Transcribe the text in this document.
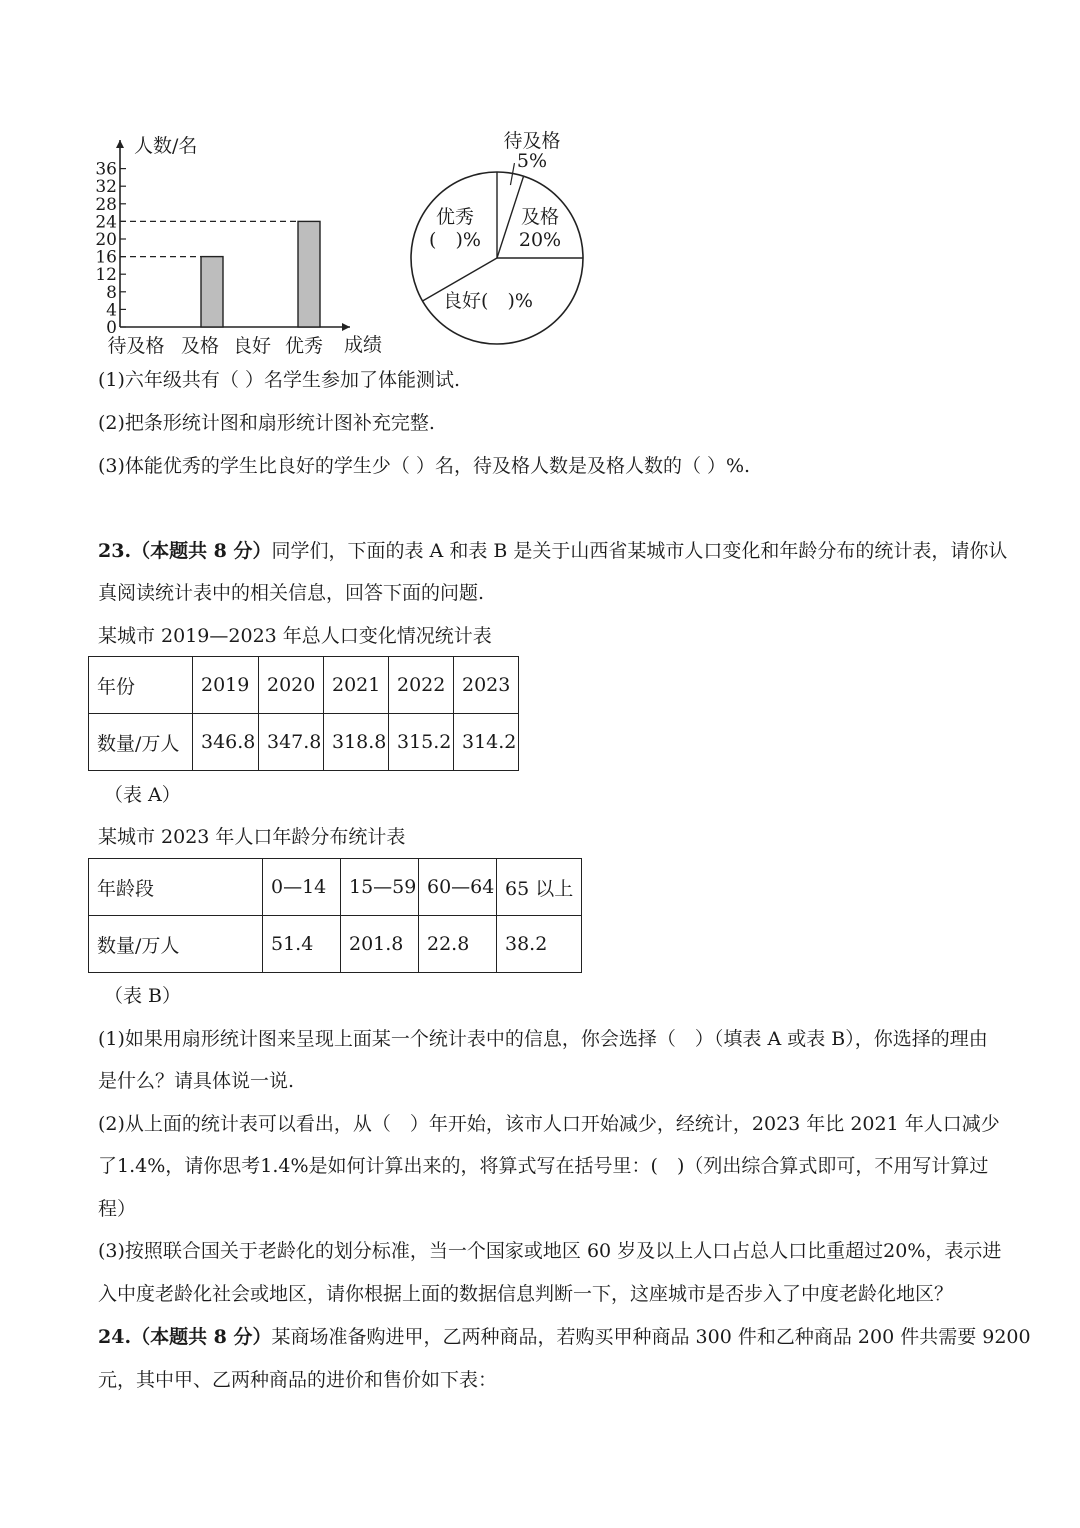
0
4
8
12
16
20
24
28
32
36
待及格 及格 良好 优秀
人数/名
成绩
待及格
5%
及格
20%
良好(　)%
优秀
(　)%
(1)六年级共有（ ）名学生参加了体能测试.
(2)把条形统计图和扇形统计图补充完整.
(3)体能优秀的学生比良好的学生少（ ）名，待及格人数是及格人数的（ ）%.
23.（本题共 8 分）同学们，下面的表 A 和表 B 是关于山西省某城市人口变化和年龄分布的统计表，请你认
真阅读统计表中的相关信息，回答下面的问题.
某城市 2019—2023 年总人口变化情况统计表
年份	2019	2020	2021	2022	2023
数量/万人	346.8	347.8	318.8	315.2	314.2
（表 A）
某城市 2023 年人口年龄分布统计表
年龄段	0—14	15—59	60—64	65 以上
数量/万人	51.4	201.8	22.8	38.2
（表 B）
(1)如果用扇形统计图来呈现上面某一个统计表中的信息，你会选择（　）（填表 A 或表 B），你选择的理由
是什么？请具体说一说.
(2)从上面的统计表可以看出，从（　）年开始，该市人口开始减少，经统计，2023 年比 2021 年人口减少
了1.4%，请你思考1.4%是如何计算出来的，将算式写在括号里：(　)（列出综合算式即可，不用写计算过
程）
(3)按照联合国关于老龄化的划分标准，当一个国家或地区 60 岁及以上人口占总人口比重超过20%，表示进
入中度老龄化社会或地区，请你根据上面的数据信息判断一下，这座城市是否步入了中度老龄化地区？
24.（本题共 8 分）某商场准备购进甲，乙两种商品，若购买甲种商品 300 件和乙种商品 200 件共需要 9200
元，其中甲、乙两种商品的进价和售价如下表：
